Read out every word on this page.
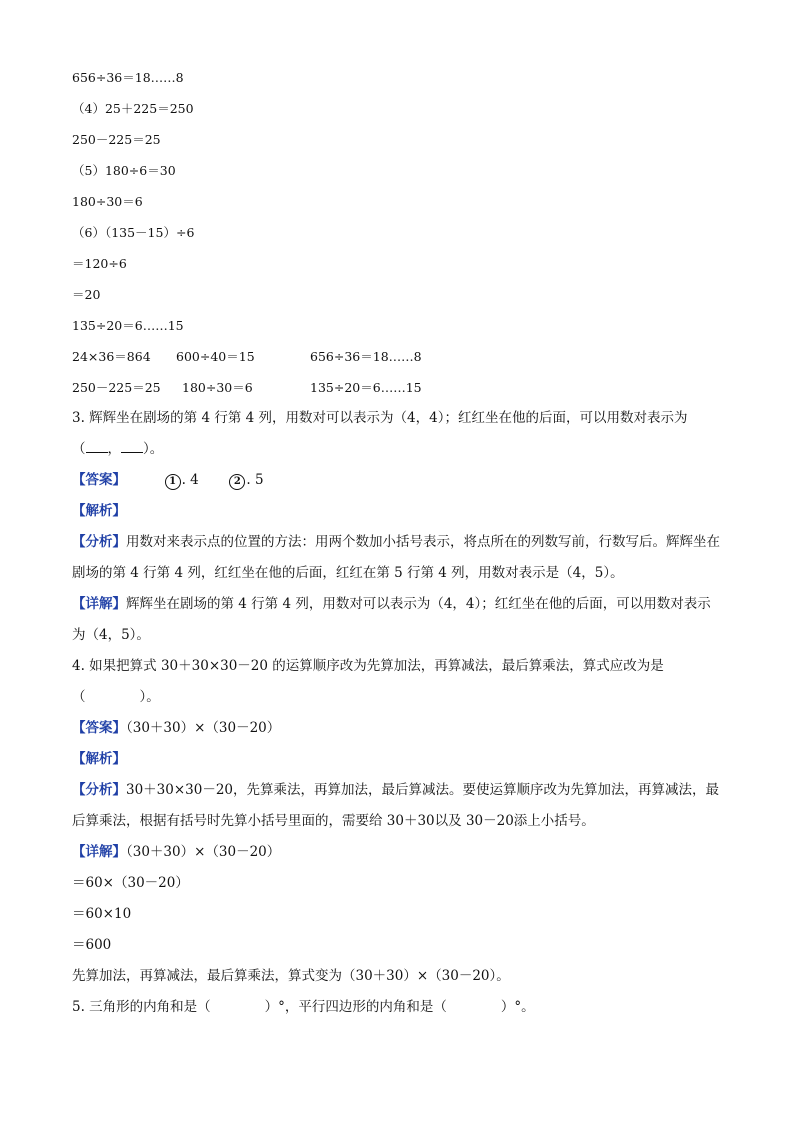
656÷36＝18……8
（4）25＋225＝250
250－225＝25
（5）180÷6＝30
180÷30＝6
（6）（135－15）÷6
＝120÷6
＝20
135÷20＝6……15
24×36＝864	600÷40＝15	656÷36＝18……8
250－225＝25	180÷30＝6	135÷20＝6……15
3. 辉辉坐在剧场的第 4 行第 4 列，用数对可以表示为（4，4）；红红坐在他的后面，可以用数对表示为
（ ， ）。
【答案】	1 . 4	2 . 5
【解析】
【分析】用数对来表示点的位置的方法：用两个数加小括号表示，将点所在的列数写前，行数写后。辉辉坐在剧场的第 4 行第 4 列，红红坐在他的后面，红红在第 5 行第 4 列，用数对表示是（4，5）。
【详解】辉辉坐在剧场的第 4 行第 4 列，用数对可以表示为（4，4）；红红坐在他的后面，可以用数对表示为（4，5）。
4. 如果把算式 30＋30×30－20 的运算顺序改为先算加法，再算减法，最后算乘法，算式应改为是
（　　　　）。
【答案】（30＋30）×（30－20）
【解析】
【分析】30＋30×30－20，先算乘法，再算加法，最后算减法。要使运算顺序改为先算加法，再算减法，最后算乘法，根据有括号时先算小括号里面的，需要给 30＋30以及 30－20添上小括号。
【详解】（30＋30）×（30－20）
＝60×（30－20）
＝60×10
＝600
先算加法，再算减法，最后算乘法，算式变为（30＋30）×（30－20）。
5. 三角形的内角和是（　　　　）°，平行四边形的内角和是（　　　　）°。
